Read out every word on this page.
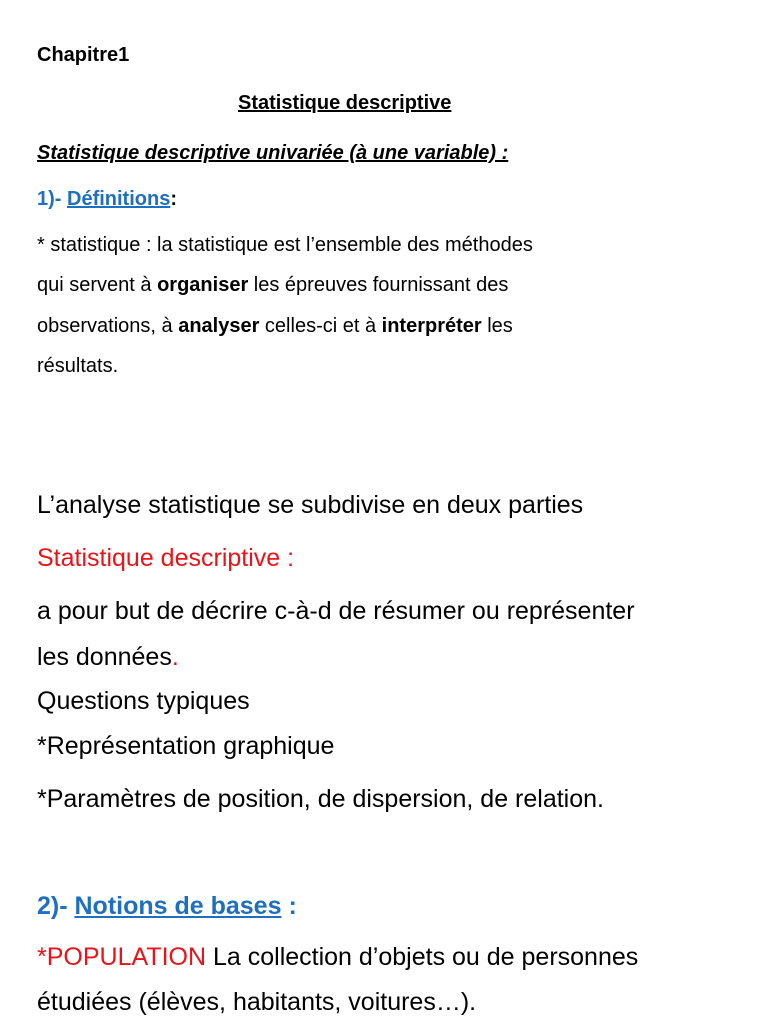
Chapitre1
Statistique descriptive
Statistique descriptive univariée (à une variable) :
1)- Définitions:
* statistique : la statistique est l’ensemble des méthodes
qui servent à organiser les épreuves fournissant des
observations, à analyser celles-ci et à interpréter les
résultats.
L’analyse statistique se subdivise en deux parties
Statistique descriptive :
a pour but de décrire c-à-d de résumer ou représenter
les données.
Questions typiques
*Représentation graphique
*Paramètres de position, de dispersion, de relation.
2)- Notions de bases :
*POPULATION La collection d’objets ou de personnes
étudiées (élèves, habitants, voitures…).
